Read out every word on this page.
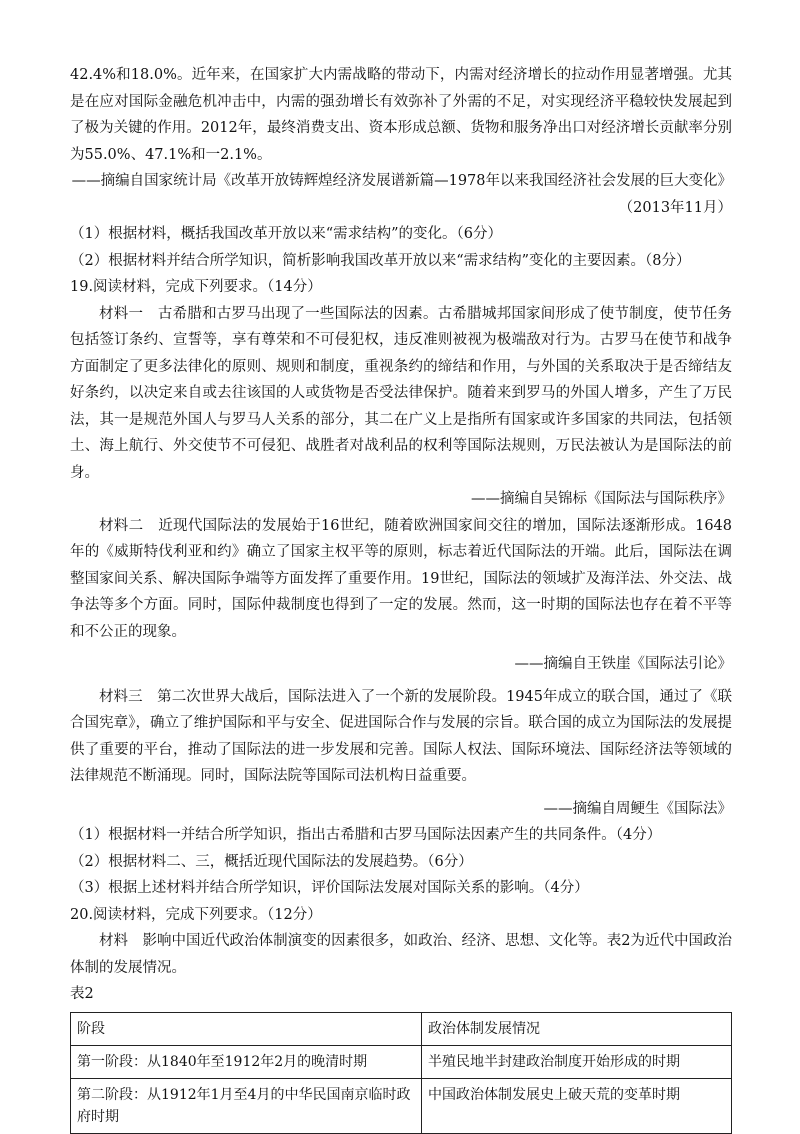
42.4%和18.0%。近年来，在国家扩大内需战略的带动下，内需对经济增长的拉动作用显著增强。尤其是在应对国际金融危机冲击中，内需的强劲增长有效弥补了外需的不足，对实现经济平稳较快发展起到了极为关键的作用。2012年，最终消费支出、资本形成总额、货物和服务净出口对经济增长贡献率分别为55.0%、47.1%和一2.1%。

——摘编自国家统计局《改革开放铸辉煌经济发展谱新篇—1978年以来我国经济社会发展的巨大变化》

（2013年11月）

（1）根据材料，概括我国改革开放以来“需求结构”的变化。（6分）

（2）根据材料并结合所学知识，简析影响我国改革开放以来“需求结构”变化的主要因素。（8分）

19.阅读材料，完成下列要求。（14分）

材料一　古希腊和古罗马出现了一些国际法的因素。古希腊城邦国家间形成了使节制度，使节任务包括签订条约、宣誓等，享有尊荣和不可侵犯权，违反准则被视为极端敌对行为。古罗马在使节和战争方面制定了更多法律化的原则、规则和制度，重视条约的缔结和作用，与外国的关系取决于是否缔结友好条约，以决定来自或去往该国的人或货物是否受法律保护。随着来到罗马的外国人增多，产生了万民法，其一是规范外国人与罗马人关系的部分，其二在广义上是指所有国家或许多国家的共同法，包括领土、海上航行、外交使节不可侵犯、战胜者对战利品的权利等国际法规则，万民法被认为是国际法的前身。

——摘编自吴锦标《国际法与国际秩序》

材料二　近现代国际法的发展始于16世纪，随着欧洲国家间交往的增加，国际法逐渐形成。1648年的《威斯特伐利亚和约》确立了国家主权平等的原则，标志着近代国际法的开端。此后，国际法在调整国家间关系、解决国际争端等方面发挥了重要作用。19世纪，国际法的领域扩及海洋法、外交法、战争法等多个方面。同时，国际仲裁制度也得到了一定的发展。然而，这一时期的国际法也存在着不平等和不公正的现象。

——摘编自王铁崖《国际法引论》

材料三　第二次世界大战后，国际法进入了一个新的发展阶段。1945年成立的联合国，通过了《联合国宪章》，确立了维护国际和平与安全、促进国际合作与发展的宗旨。联合国的成立为国际法的发展提供了重要的平台，推动了国际法的进一步发展和完善。国际人权法、国际环境法、国际经济法等领域的法律规范不断涌现。同时，国际法院等国际司法机构日益重要。

——摘编自周鲠生《国际法》

（1）根据材料一并结合所学知识，指出古希腊和古罗马国际法因素产生的共同条件。（4分）

（2）根据材料二、三，概括近现代国际法的发展趋势。（6分）

（3）根据上述材料并结合所学知识，评价国际法发展对国际关系的影响。（4分）

20.阅读材料，完成下列要求。（12分）

材料　影响中国近代政治体制演变的因素很多，如政治、经济、思想、文化等。表2为近代中国政治体制的发展情况。

表2

阶段	政治体制发展情况
第一阶段：从1840年至1912年2月的晚清时期	半殖民地半封建政治制度开始形成的时期
第二阶段：从1912年1月至4月的中华民国南京临时政府时期	中国政治体制发展史上破天荒的变革时期
